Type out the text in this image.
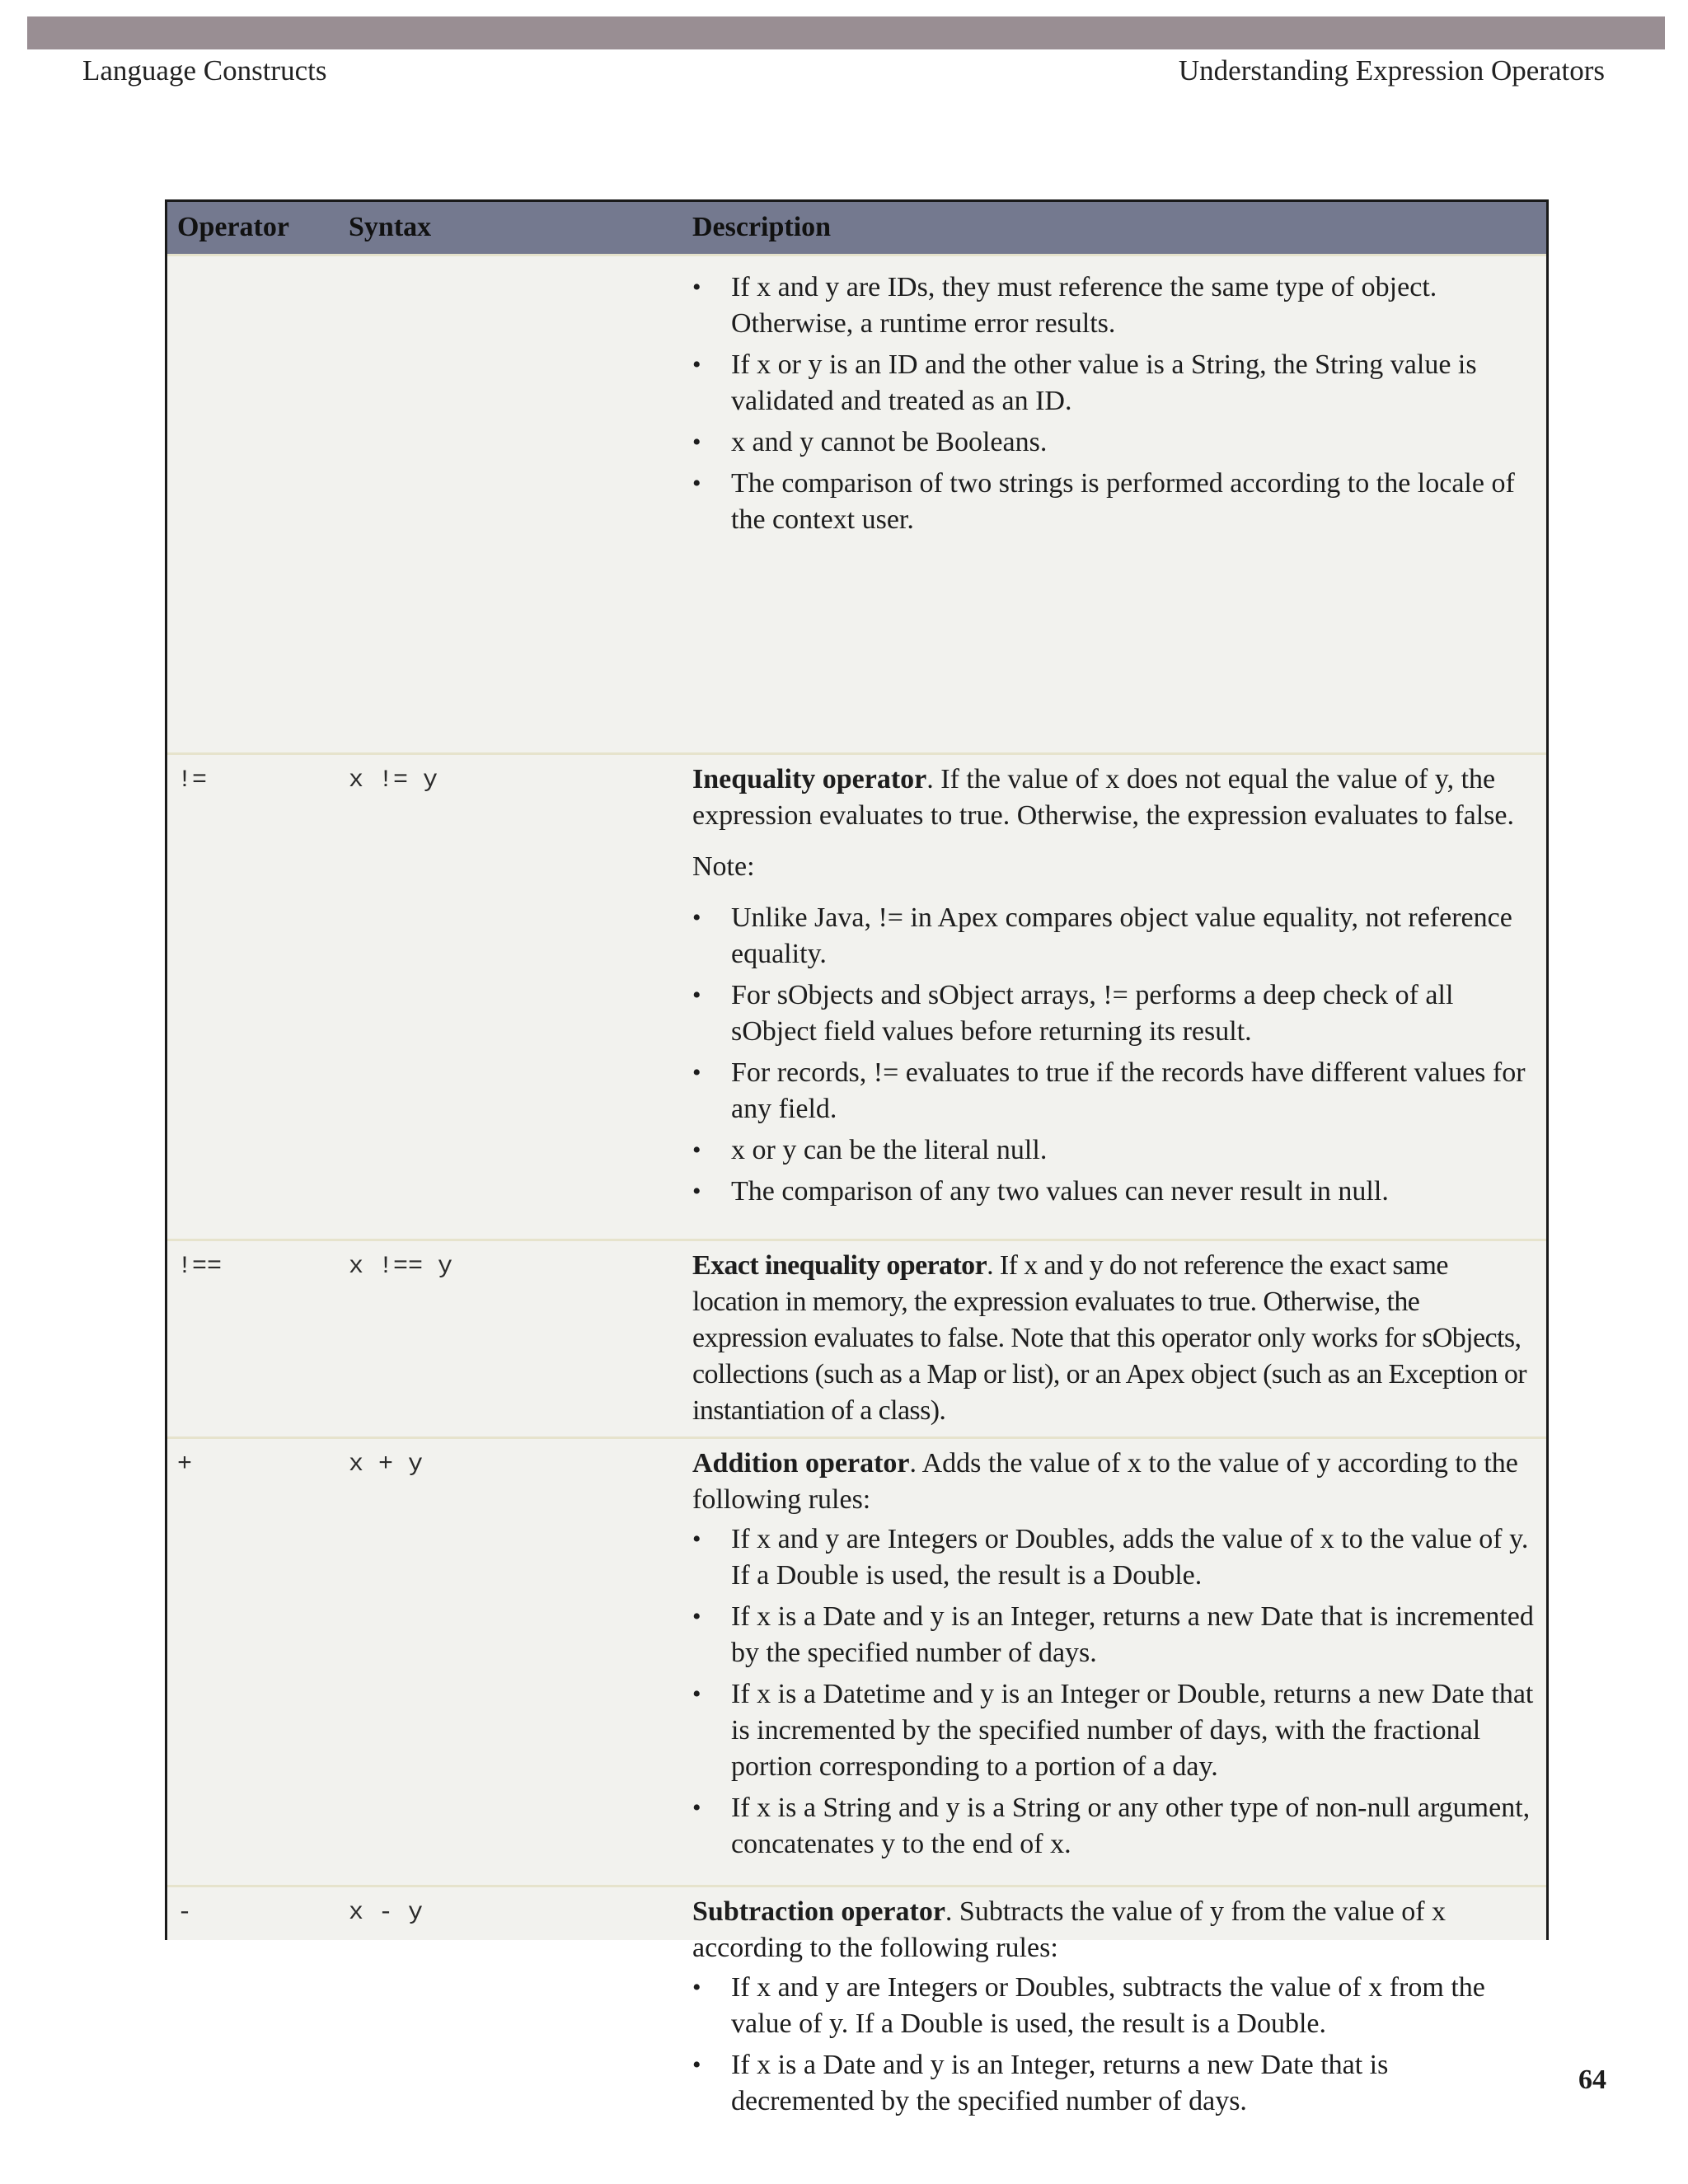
Language Constructs	Understanding Expression Operators
Operator Syntax	Description
• If x and y are IDs, they must reference the same type of object. Otherwise, a runtime error results.
• If x or y is an ID and the other value is a String, the String value is validated and treated as an ID.
• x and y cannot be Booleans.
• The comparison of two strings is performed according to the locale of the context user.
!=	x != y	Inequality operator. If the value of x does not equal the value of y, the expression evaluates to true. Otherwise, the expression evaluates to false.

Note:

• Unlike Java, != in Apex compares object value equality, not reference equality.
• For sObjects and sObject arrays, != performs a deep check of all sObject field values before returning its result.
• For records, != evaluates to true if the records have different values for any field.
• x or y can be the literal null.
• The comparison of any two values can never result in null.
!==	x !== y	Exact inequality operator. If x and y do not reference the exact same location in memory, the expression evaluates to true. Otherwise, the expression evaluates to false. Note that this operator only works for sObjects, collections (such as a Map or list), or an Apex object (such as an Exception or instantiation of a class).

+	x + y	Addition operator. Adds the value of x to the value of y according to the following rules:

• If x and y are Integers or Doubles, adds the value of x to the value of y. If a Double is used, the result is a Double.
• If x is a Date and y is an Integer, returns a new Date that is incremented by the specified number of days.
• If x is a Datetime and y is an Integer or Double, returns a new Date that is incremented by the specified number of days, with the fractional portion corresponding to a portion of a day.
• If x is a String and y is a String or any other type of non-null argument, concatenates y to the end of x.
-	x - y	Subtraction operator. Subtracts the value of y from the value of x according to the following rules:

• If x and y are Integers or Doubles, subtracts the value of x from the value of y. If a Double is used, the result is a Double.
• If x is a Date and y is an Integer, returns a new Date that is decremented by the specified number of days.
64
